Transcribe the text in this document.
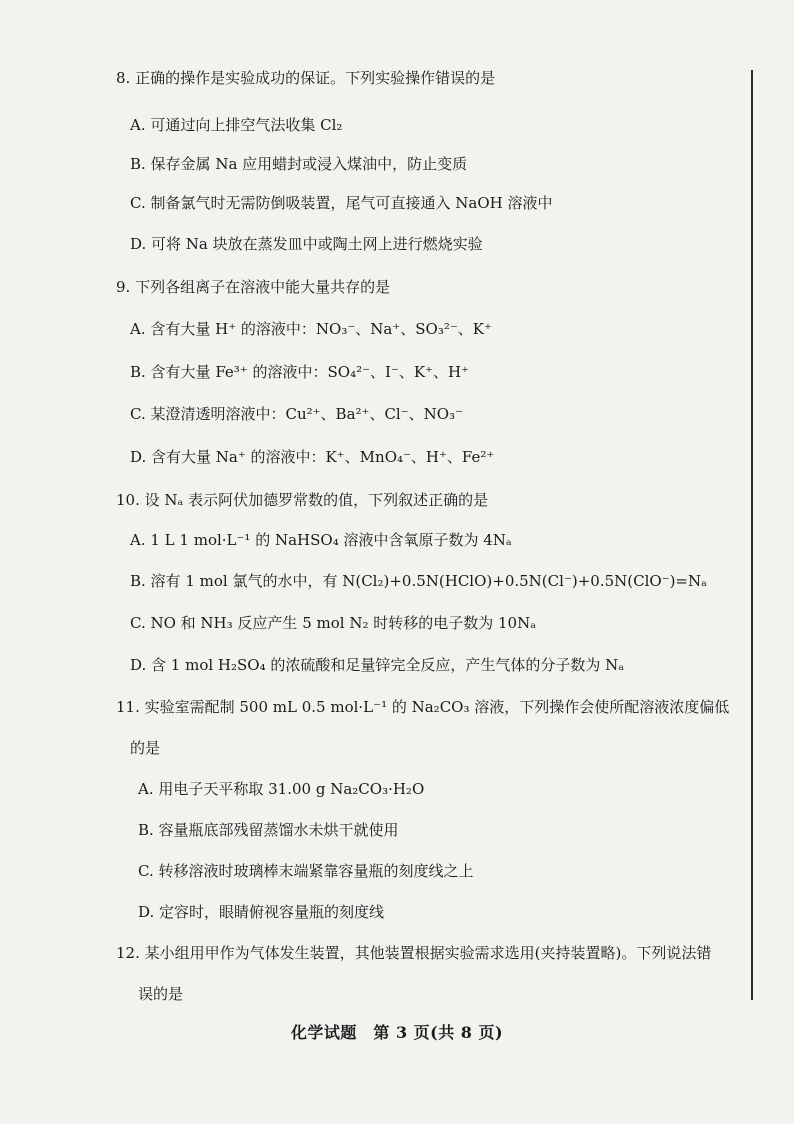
8. 正确的操作是实验成功的保证。下列实验操作错误的是
A. 可通过向上排空气法收集 Cl₂
B. 保存金属 Na 应用蜡封或浸入煤油中，防止变质
C. 制备氯气时无需防倒吸装置，尾气可直接通入 NaOH 溶液中
D. 可将 Na 块放在蒸发皿中或陶土网上进行燃烧实验
9. 下列各组离子在溶液中能大量共存的是
A. 含有大量 H⁺ 的溶液中：NO₃⁻、Na⁺、SO₃²⁻、K⁺
B. 含有大量 Fe³⁺ 的溶液中：SO₄²⁻、I⁻、K⁺、H⁺
C. 某澄清透明溶液中：Cu²⁺、Ba²⁺、Cl⁻、NO₃⁻
D. 含有大量 Na⁺ 的溶液中：K⁺、MnO₄⁻、H⁺、Fe²⁺
10. 设 Nₐ 表示阿伏加德罗常数的值，下列叙述正确的是
A. 1 L 1 mol·L⁻¹ 的 NaHSO₄ 溶液中含氧原子数为 4Nₐ
B. 溶有 1 mol 氯气的水中，有 N(Cl₂)+0.5N(HClO)+0.5N(Cl⁻)+0.5N(ClO⁻)=Nₐ
C. NO 和 NH₃ 反应产生 5 mol N₂ 时转移的电子数为 10Nₐ
D. 含 1 mol H₂SO₄ 的浓硫酸和足量锌完全反应，产生气体的分子数为 Nₐ
11. 实验室需配制 500 mL 0.5 mol·L⁻¹ 的 Na₂CO₃ 溶液，下列操作会使所配溶液浓度偏低
的是
A. 用电子天平称取 31.00 g Na₂CO₃·H₂O
B. 容量瓶底部残留蒸馏水未烘干就使用
C. 转移溶液时玻璃棒末端紧靠容量瓶的刻度线之上
D. 定容时，眼睛俯视容量瓶的刻度线
12. 某小组用甲作为气体发生装置，其他装置根据实验需求选用(夹持装置略)。下列说法错
误的是
化学试题　第 3 页(共 8 页)
